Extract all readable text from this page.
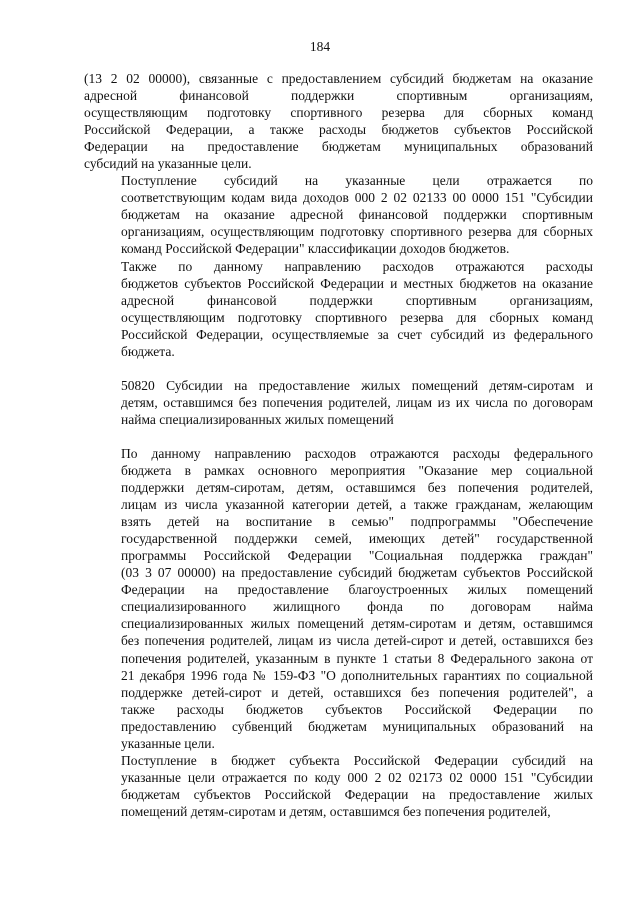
184
(13 2 02 00000), связанные с предоставлением субсидий бюджетам на оказание
адресной финансовой поддержки спортивным организациям,
осуществляющим подготовку спортивного резерва для сборных команд
Российской Федерации, а также расходы бюджетов субъектов Российской
Федерации на предоставление бюджетам муниципальных образований
субсидий на указанные цели.
Поступление субсидий на указанные цели отражается по
соответствующим кодам вида доходов 000 2 02 02133 00 0000 151 "Субсидии
бюджетам на оказание адресной финансовой поддержки спортивным
организациям, осуществляющим подготовку спортивного резерва для сборных
команд Российской Федерации" классификации доходов бюджетов.
Также по данному направлению расходов отражаются расходы
бюджетов субъектов Российской Федерации и местных бюджетов на оказание
адресной финансовой поддержки спортивным организациям,
осуществляющим подготовку спортивного резерва для сборных команд
Российской Федерации, осуществляемые за счет субсидий из федерального
бюджета.
50820 Субсидии на предоставление жилых помещений детям-сиротам и
детям, оставшимся без попечения родителей, лицам из их числа по договорам
найма специализированных жилых помещений
По данному направлению расходов отражаются расходы федерального
бюджета в рамках основного мероприятия "Оказание мер социальной
поддержки детям-сиротам, детям, оставшимся без попечения родителей,
лицам из числа указанной категории детей, а также гражданам, желающим
взять детей на воспитание в семью" подпрограммы "Обеспечение
государственной поддержки семей, имеющих детей" государственной
программы Российской Федерации "Социальная поддержка граждан"
(03 3 07 00000) на предоставление субсидий бюджетам субъектов Российской
Федерации на предоставление благоустроенных жилых помещений
специализированного жилищного фонда по договорам найма
специализированных жилых помещений детям-сиротам и детям, оставшимся
без попечения родителей, лицам из числа детей-сирот и детей, оставшихся без
попечения родителей, указанным в пункте 1 статьи 8 Федерального закона от
21 декабря 1996 года № 159-ФЗ "О дополнительных гарантиях по социальной
поддержке детей-сирот и детей, оставшихся без попечения родителей", а
также расходы бюджетов субъектов Российской Федерации по
предоставлению субвенций бюджетам муниципальных образований на
указанные цели.
Поступление в бюджет субъекта Российской Федерации субсидий на
указанные цели отражается по коду 000 2 02 02173 02 0000 151 "Субсидии
бюджетам субъектов Российской Федерации на предоставление жилых
помещений детям-сиротам и детям, оставшимся без попечения родителей,
